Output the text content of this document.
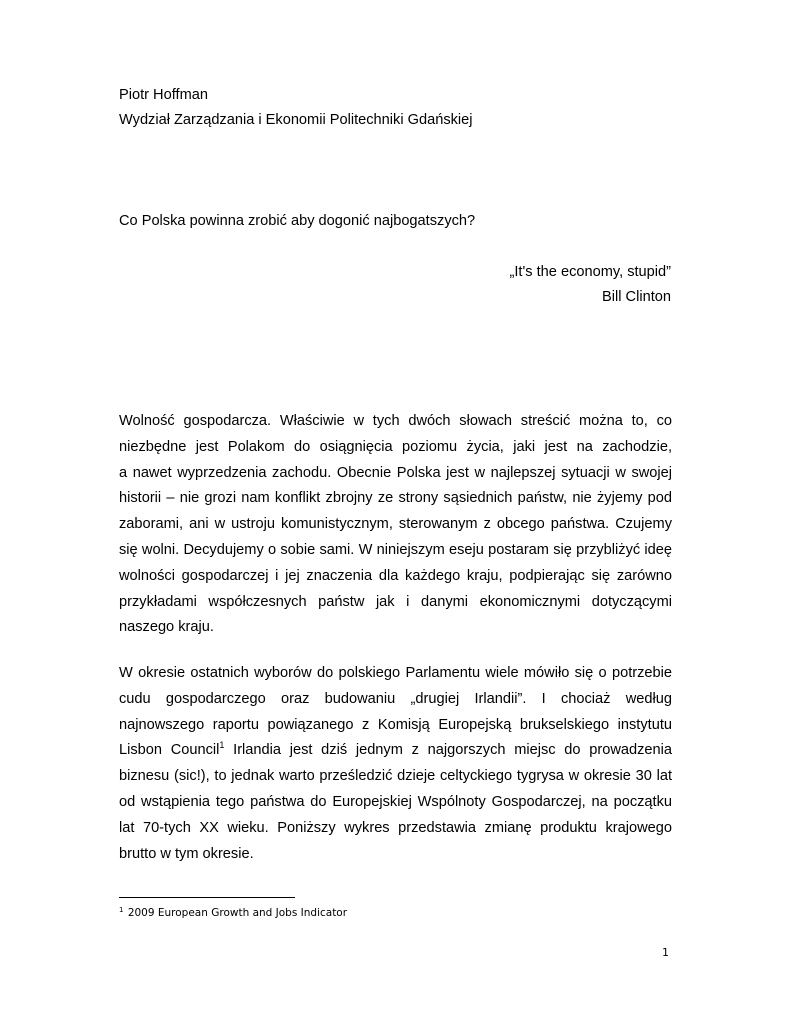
Piotr Hoffman
Wydział Zarządzania i Ekonomii Politechniki Gdańskiej
Co Polska powinna zrobić aby dogonić najbogatszych?
„It's the economy, stupid”
Bill Clinton
Wolność gospodarcza. Właściwie w tych dwóch słowach streścić można to, co
niezbędne jest Polakom do osiągnięcia poziomu życia, jaki jest na zachodzie,
a nawet wyprzedzenia zachodu. Obecnie Polska jest w najlepszej sytuacji w swojej
historii – nie grozi nam konflikt zbrojny ze strony sąsiednich państw, nie żyjemy pod
zaborami, ani w ustroju komunistycznym, sterowanym z obcego państwa. Czujemy
się wolni. Decydujemy o sobie sami. W niniejszym eseju postaram się przybliżyć ideę
wolności gospodarczej i jej znaczenia dla każdego kraju, podpierając się zarówno
przykładami współczesnych państw jak i danymi ekonomicznymi dotyczącymi
naszego kraju.
W okresie ostatnich wyborów do polskiego Parlamentu wiele mówiło się o potrzebie
cudu gospodarczego oraz budowaniu „drugiej Irlandii”. I chociaż według
najnowszego raportu powiązanego z Komisją Europejską brukselskiego instytutu
Lisbon Council$^1$ Irlandia jest dziś jednym z najgorszych miejsc do prowadzenia
biznesu (sic!), to jednak warto prześledzić dzieje celtyckiego tygrysa w okresie 30 lat
od wstąpienia tego państwa do Europejskiej Wspólnoty Gospodarczej, na początku
lat 70-tych XX wieku. Poniższy wykres przedstawia zmianę produktu krajowego
brutto w tym okresie.
$^1$ 2009 European Growth and Jobs Indicator
1
